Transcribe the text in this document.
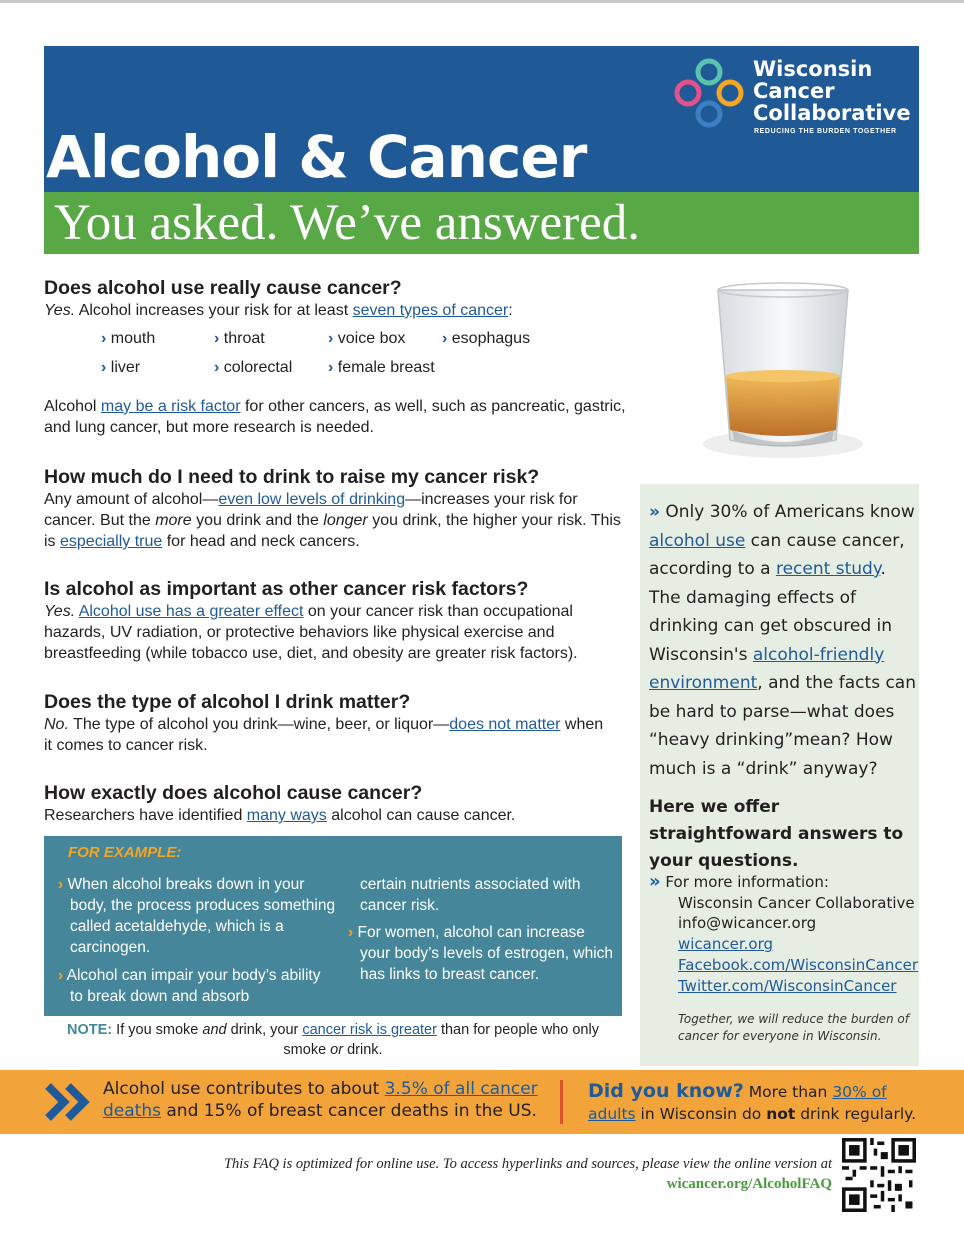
Wisconsin
Cancer
Collaborative
REDUCING THE BURDEN TOGETHER
Alcohol & Cancer
You asked. We’ve answered.
Does alcohol use really cause cancer?
Yes. Alcohol increases your risk for at least seven types of cancer:
› mouth	› throat	› voice box › esophagus
› liver	› colorectal › female breast
Alcohol may be a risk factor for other cancers, as well, such as pancreatic, gastric, and lung cancer, but more research is needed.
How much do I need to drink to raise my cancer risk?
Any amount of alcohol—even low levels of drinking—increases your risk for cancer. But the more you drink and the longer you drink, the higher your risk. This is especially true for head and neck cancers.
Is alcohol as important as other cancer risk factors?
Yes. Alcohol use has a greater effect on your cancer risk than occupational hazards, UV radiation, or protective behaviors like physical exercise and breastfeeding (while tobacco use, diet, and obesity are greater risk factors).
Does the type of alcohol I drink matter?
No. The type of alcohol you drink—wine, beer, or liquor—does not matter when it comes to cancer risk.
How exactly does alcohol cause cancer?
Researchers have identified many ways alcohol can cause cancer.
FOR EXAMPLE:
› When alcohol breaks down in your body, the process produces something called acetaldehyde, which is a carcinogen.
› Alcohol can impair your body’s ability to break down and absorb
certain nutrients associated with cancer risk.
› For women, alcohol can increase your body’s levels of estrogen, which has links to breast cancer.
NOTE: If you smoke and drink, your cancer risk is greater than for people who only smoke or drink.
» Only 30% of Americans know alcohol use can cause cancer, according to a recent study. The damaging effects of drinking can get obscured in Wisconsin's alcohol-friendly environment, and the facts can be hard to parse—what does “heavy drinking”mean? How much is a “drink” anyway?
Here we offer straightfoward answers to your questions.
» For more information:
Wisconsin Cancer Collaborative
info@wicancer.org
wicancer.org
Facebook.com/WisconsinCancer
Twitter.com/WisconsinCancer
Together, we will reduce the burden of cancer for everyone in Wisconsin.
Alcohol use contributes to about 3.5% of all cancer deaths and 15% of breast cancer deaths in the US.
Did you know? More than 30% of adults in Wisconsin do not drink regularly.
This FAQ is optimized for online use. To access hyperlinks and sources, please view the online version at
wicancer.org/AlcoholFAQ
